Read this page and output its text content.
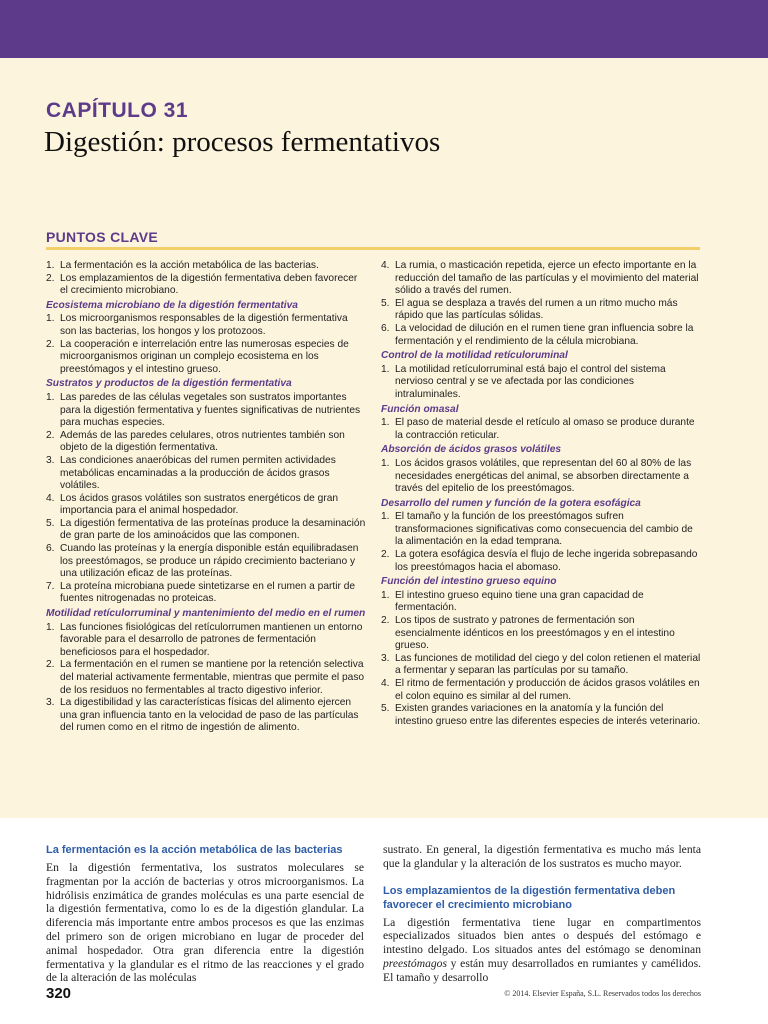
CAPÍTULO 31
Digestión: procesos fermentativos
PUNTOS CLAVE
1. La fermentación es la acción metabólica de las bacterias.
2. Los emplazamientos de la digestión fermentativa deben favorecer el crecimiento microbiano.
Ecosistema microbiano de la digestión fermentativa
1. Los microorganismos responsables de la digestión fermentativa son las bacterias, los hongos y los protozoos.
2. La cooperación e interrelación entre las numerosas especies de microorganismos originan un complejo ecosistema en los preestómagos y el intestino grueso.
Sustratos y productos de la digestión fermentativa
1. Las paredes de las células vegetales son sustratos importantes para la digestión fermentativa y fuentes significativas de nutrientes para muchas especies.
2. Además de las paredes celulares, otros nutrientes también son objeto de la digestión fermentativa.
3. Las condiciones anaeróbicas del rumen permiten actividades metabólicas encaminadas a la producción de ácidos grasos volátiles.
4. Los ácidos grasos volátiles son sustratos energéticos de gran importancia para el animal hospedador.
5. La digestión fermentativa de las proteínas produce la desaminación de gran parte de los aminoácidos que las componen.
6. Cuando las proteínas y la energía disponible están equilibradasen los preestómagos, se produce un rápido crecimiento bacteriano y una utilización eficaz de las proteínas.
7. La proteína microbiana puede sintetizarse en el rumen a partir de fuentes nitrogenadas no proteicas.
Motilidad retículorruminal y mantenimiento del medio en el rumen
1. Las funciones fisiológicas del retículorrumen mantienen un entorno favorable para el desarrollo de patrones de fermentación beneficiosos para el hospedador.
2. La fermentación en el rumen se mantiene por la retención selectiva del material activamente fermentable, mientras que permite el paso de los residuos no fermentables al tracto digestivo inferior.
3. La digestibilidad y las características físicas del alimento ejercen una gran influencia tanto en la velocidad de paso de las partículas del rumen como en el ritmo de ingestión de alimento.
4. La rumia, o masticación repetida, ejerce un efecto importante en la reducción del tamaño de las partículas y el movimiento del material sólido a través del rumen.
5. El agua se desplaza a través del rumen a un ritmo mucho más rápido que las partículas sólidas.
6. La velocidad de dilución en el rumen tiene gran influencia sobre la fermentación y el rendimiento de la célula microbiana.
Control de la motilidad retículoruminal
1. La motilidad retículorruminal está bajo el control del sistema nervioso central y se ve afectada por las condiciones intraluminales.
Función omasal
1. El paso de material desde el retículo al omaso se produce durante la contracción reticular.
Absorción de ácidos grasos volátiles
1. Los ácidos grasos volátiles, que representan del 60 al 80% de las necesidades energéticas del animal, se absorben directamente a través del epitelio de los preestómagos.
Desarrollo del rumen y función de la gotera esofágica
1. El tamaño y la función de los preestómagos sufren transformaciones significativas como consecuencia del cambio de la alimentación en la edad temprana.
2. La gotera esofágica desvía el flujo de leche ingerida sobrepasando los preestómagos hacia el abomaso.
Función del intestino grueso equino
1. El intestino grueso equino tiene una gran capacidad de fermentación.
2. Los tipos de sustrato y patrones de fermentación son esencialmente idénticos en los preestómagos y en el intestino grueso.
3. Las funciones de motilidad del ciego y del colon retienen el material a fermentar y separan las partículas por su tamaño.
4. El ritmo de fermentación y producción de ácidos grasos volátiles en el colon equino es similar al del rumen.
5. Existen grandes variaciones en la anatomía y la función del intestino grueso entre las diferentes especies de interés veterinario.
La fermentación es la acción metabólica de las bacterias
En la digestión fermentativa, los sustratos moleculares se fragmentan por la acción de bacterias y otros microorganismos. La hidrólisis enzimática de grandes moléculas es una parte esencial de la digestión fermentativa, como lo es de la digestión glandular. La diferencia más importante entre ambos procesos es que las enzimas del primero son de origen microbiano en lugar de proceder del animal hospedador. Otra gran diferencia entre la digestión fermentativa y la glandular es el ritmo de las reacciones y el grado de la alteración de las moléculas
sustrato. En general, la digestión fermentativa es mucho más lenta que la glandular y la alteración de los sustratos es mucho mayor.
Los emplazamientos de la digestión fermentativa deben favorecer el crecimiento microbiano
La digestión fermentativa tiene lugar en compartimentos especializados situados bien antes o después del estómago e intestino delgado. Los situados antes del estómago se denominan preestómagos y están muy desarrollados en rumiantes y camélidos. El tamaño y desarrollo
320	© 2014. Elsevier España, S.L. Reservados todos los derechos
